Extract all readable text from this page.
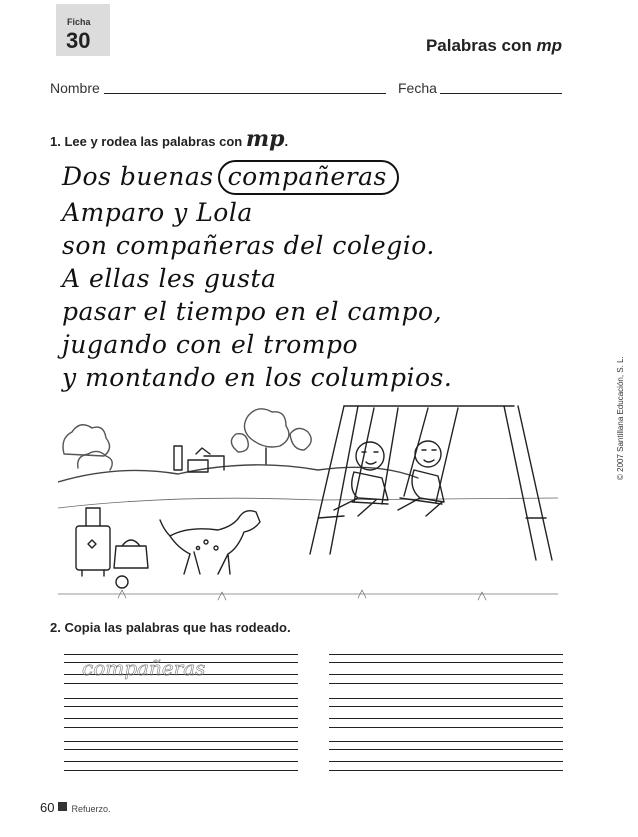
Ficha
30	Palabras con mp
Nombre	Fecha
1. Lee y rodea las palabras con mp.
Dos buenas compañeras
Amparo y Lola
son compañeras del colegio.
A ellas les gusta
pasar el tiempo en el campo,
jugando con el trompo
y montando en los columpios.	© 2007 Santillana Educación, S. L.
2. Copia las palabras que has rodeado.
compañeras
60 Refuerzo.
